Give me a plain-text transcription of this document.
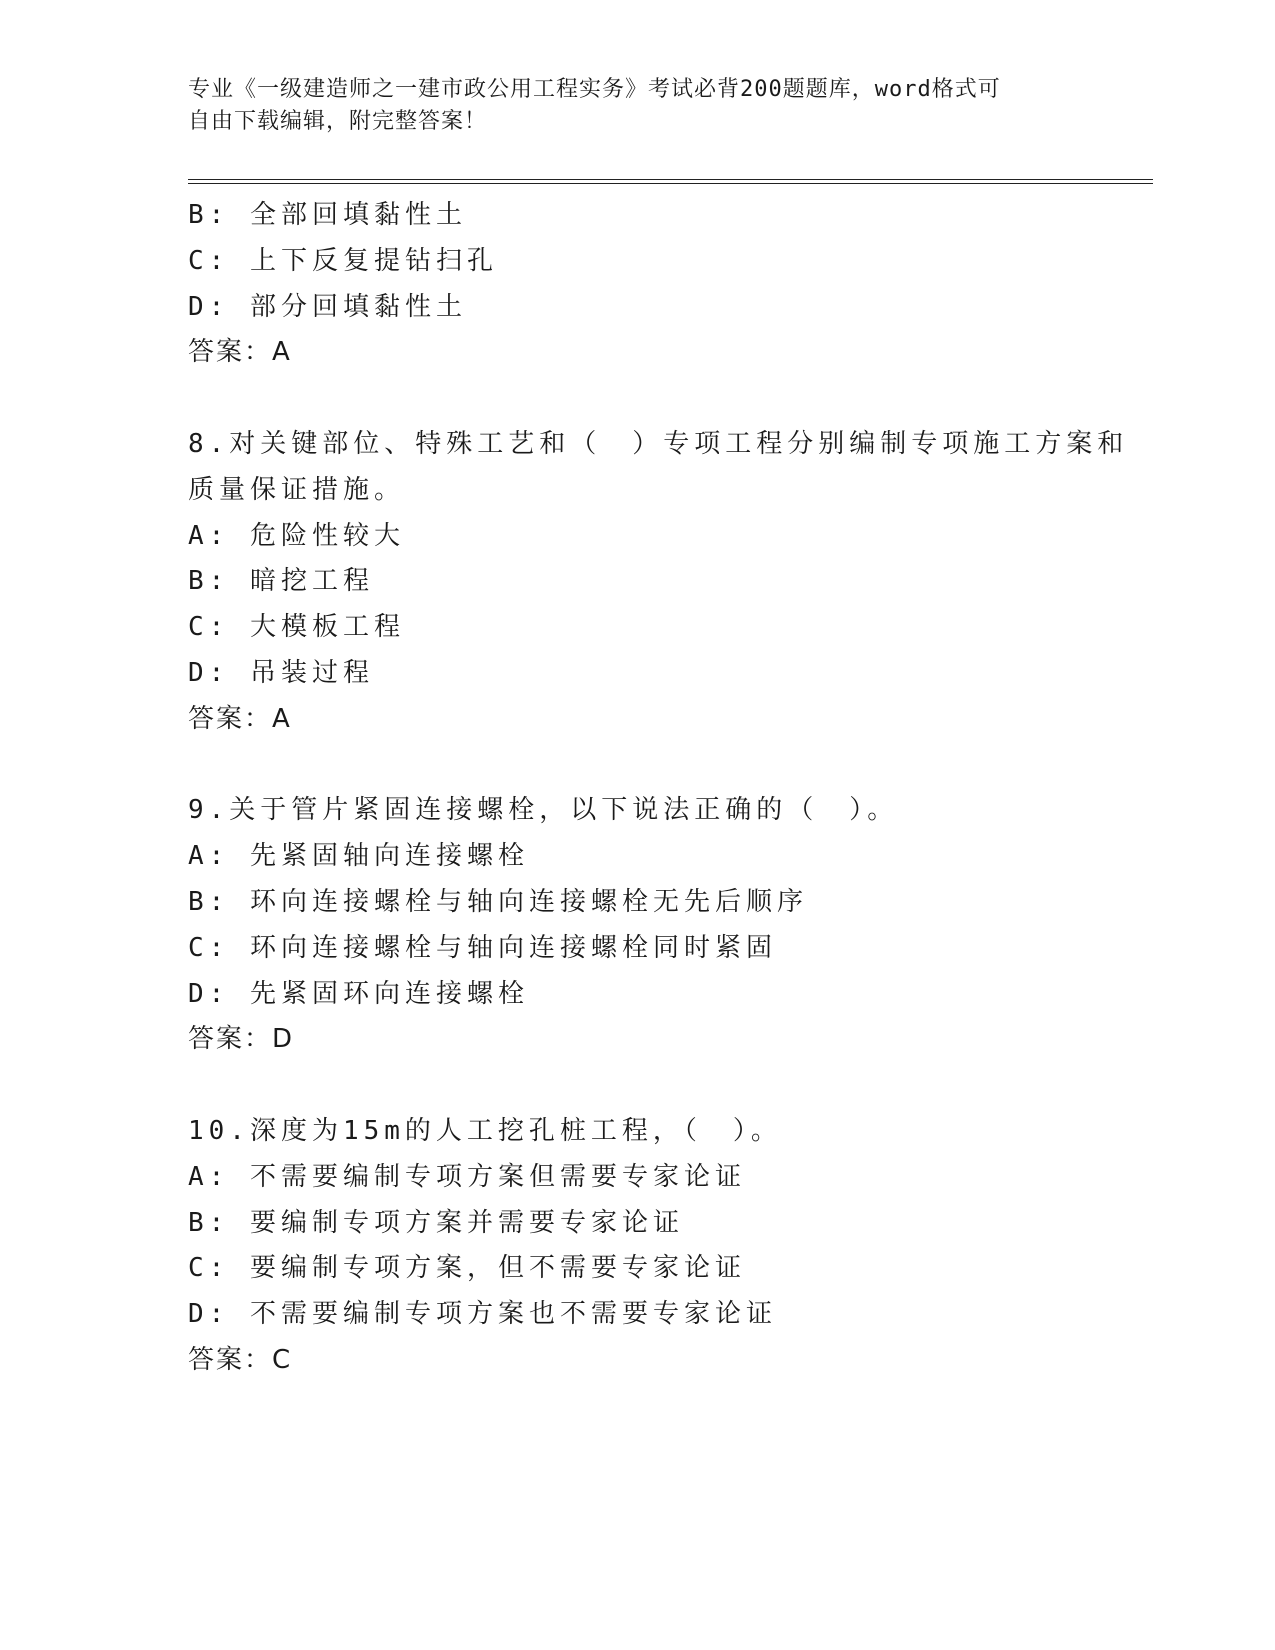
专业《一级建造师之一建市政公用工程实务》考试必背200题题库，word格式可
自由下载编辑，附完整答案！
B: 全部回填黏性土
C: 上下反复提钻扫孔
D: 部分回填黏性土
答案：A
8.对关键部位、特殊工艺和（　）专项工程分别编制专项施工方案和
质量保证措施。
A: 危险性较大
B: 暗挖工程
C: 大模板工程
D: 吊装过程
答案：A
9.关于管片紧固连接螺栓，以下说法正确的（　）。
A: 先紧固轴向连接螺栓
B: 环向连接螺栓与轴向连接螺栓无先后顺序
C: 环向连接螺栓与轴向连接螺栓同时紧固
D: 先紧固环向连接螺栓
答案：D
10.深度为15m的人工挖孔桩工程，（　）。
A: 不需要编制专项方案但需要专家论证
B: 要编制专项方案并需要专家论证
C: 要编制专项方案，但不需要专家论证
D: 不需要编制专项方案也不需要专家论证
答案：C
